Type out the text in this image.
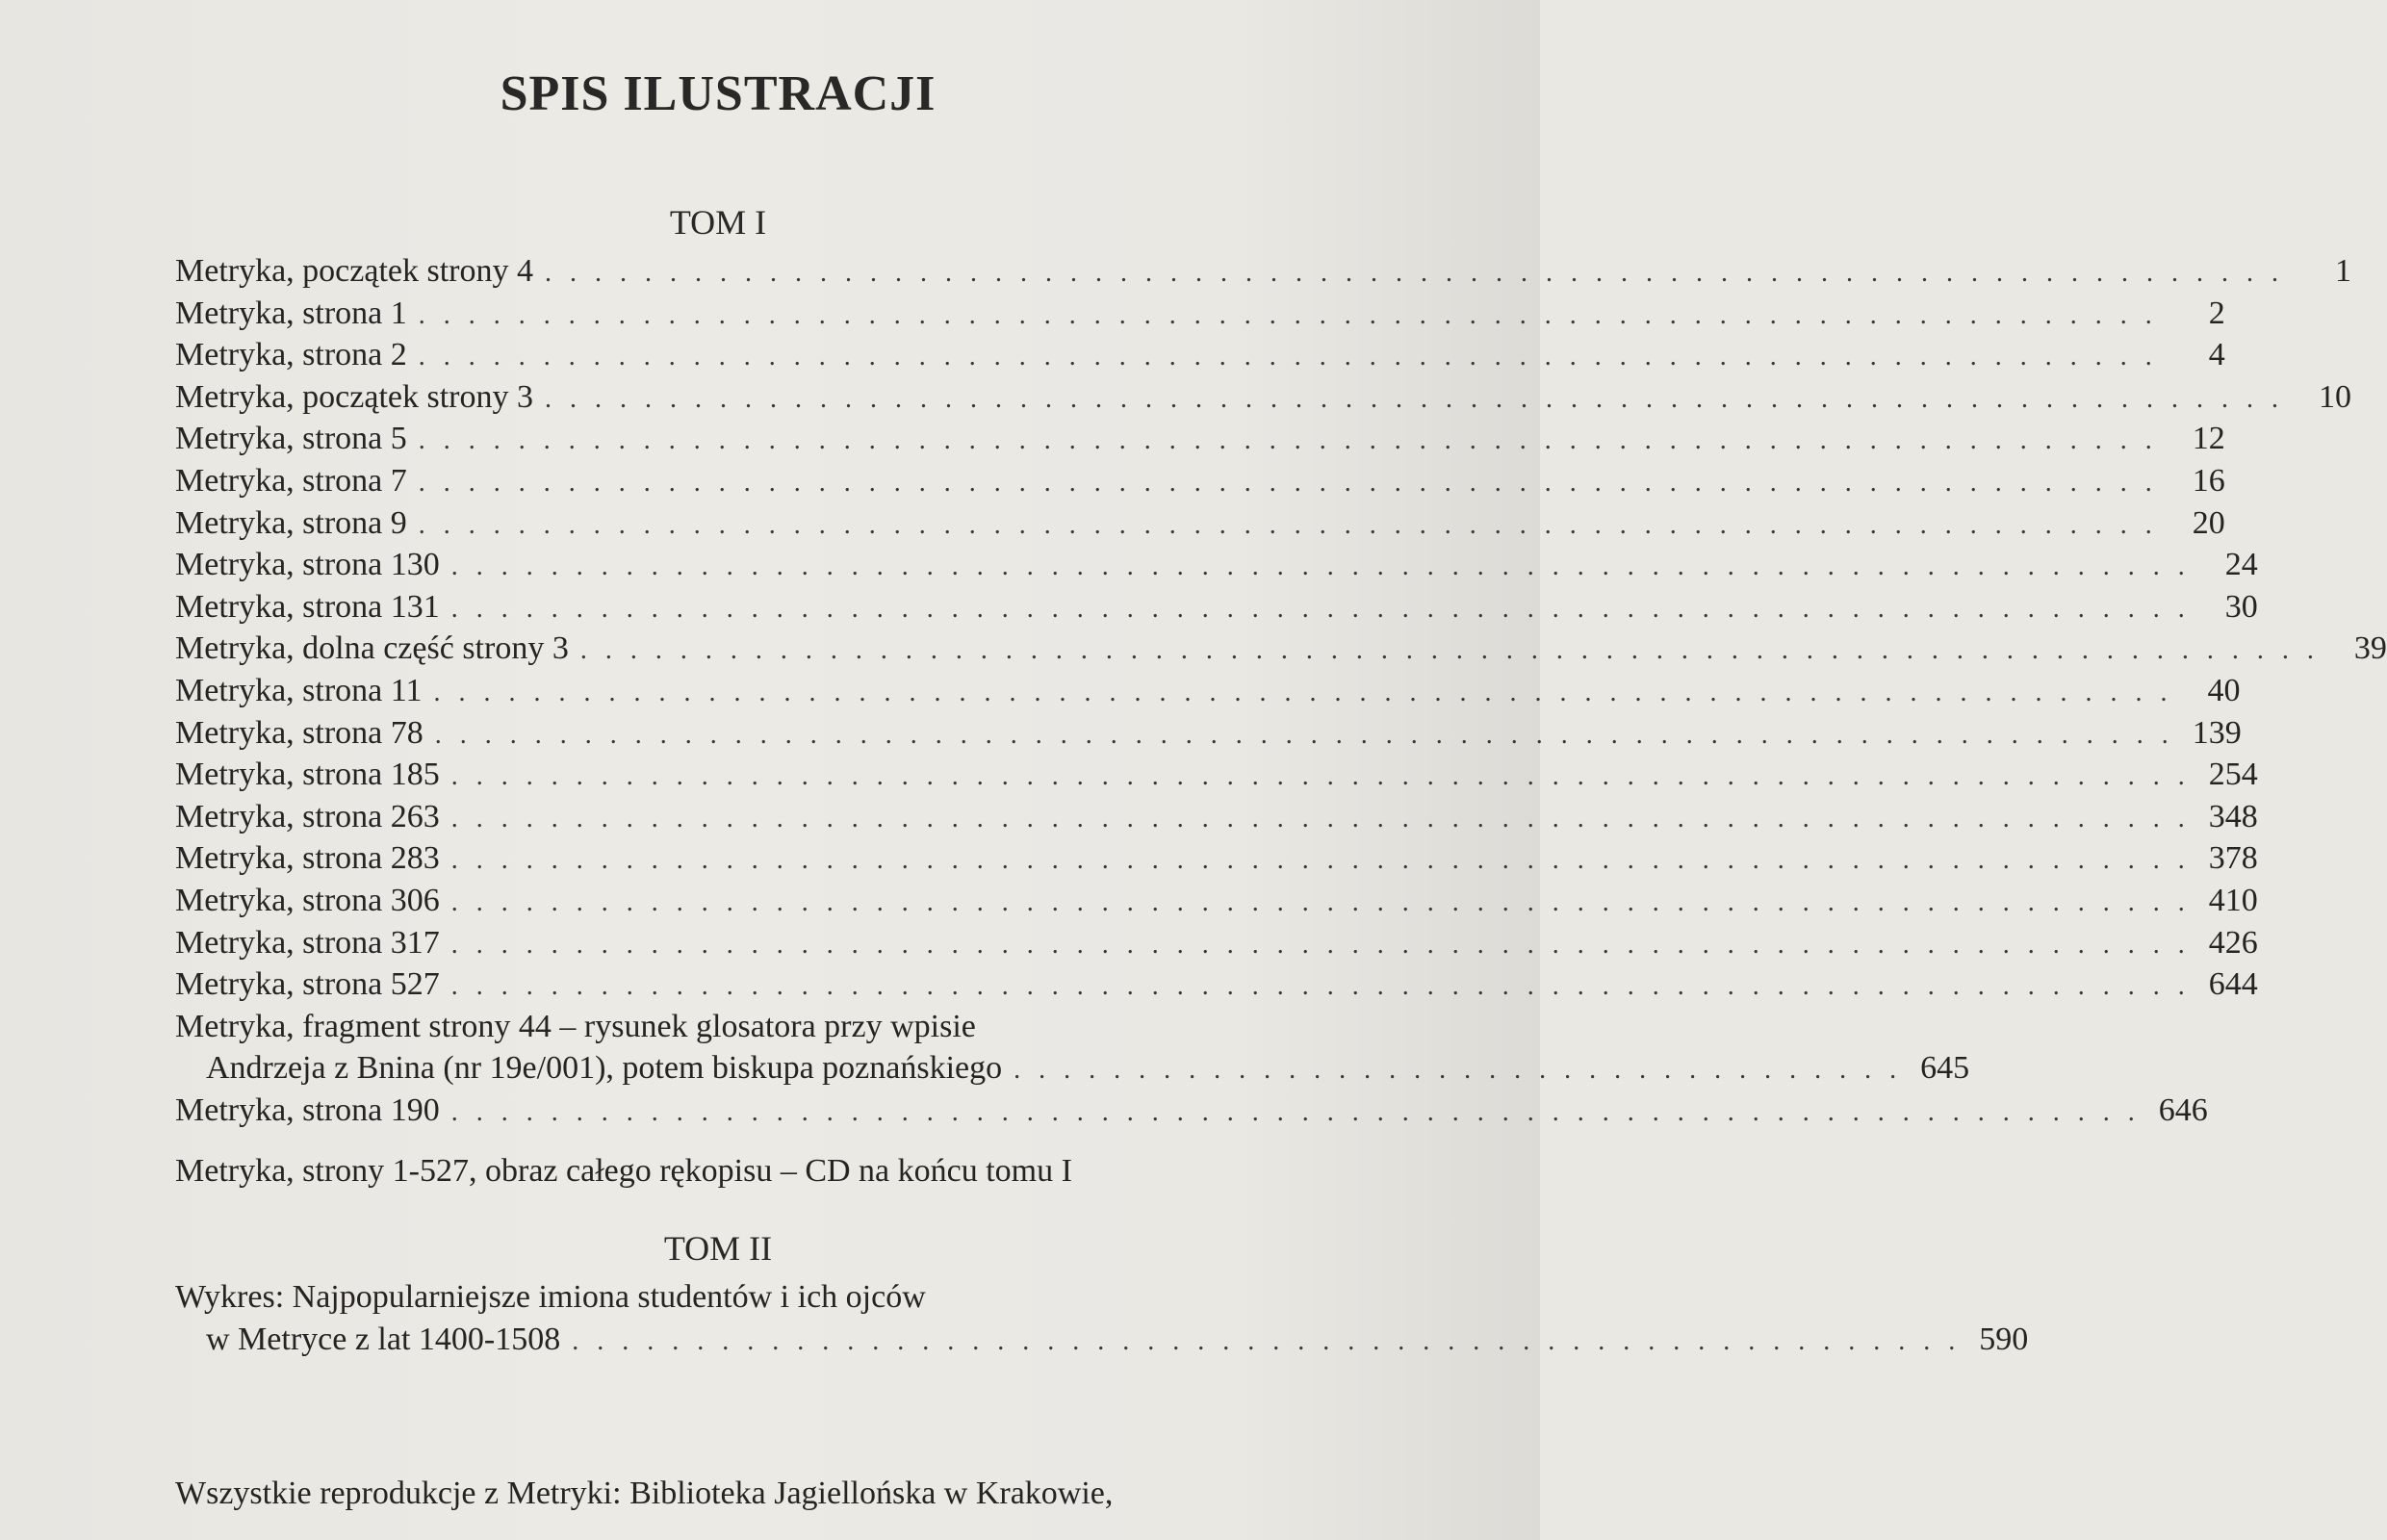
SPIS ILUSTRACJI
TOM I
Metryka, początek strony 4 . . . . . . . . . . . . . . . . . . . . . . . . . . . . . . . . . . . . . . . . . . . . . . . . . . . . . . . . . . . . . . . . . . . . . .	1
Metryka, strona 1 . . . . . . . . . . . . . . . . . . . . . . . . . . . . . . . . . . . . . . . . . . . . . . . . . . . . . . . . . . . . . . . . . . . . . .	2
Metryka, strona 2 . . . . . . . . . . . . . . . . . . . . . . . . . . . . . . . . . . . . . . . . . . . . . . . . . . . . . . . . . . . . . . . . . . . . . .	4
Metryka, początek strony 3 . . . . . . . . . . . . . . . . . . . . . . . . . . . . . . . . . . . . . . . . . . . . . . . . . . . . . . . . . . . . . . . . . . . . . .	10
Metryka, strona 5 . . . . . . . . . . . . . . . . . . . . . . . . . . . . . . . . . . . . . . . . . . . . . . . . . . . . . . . . . . . . . . . . . . . . . .	12
Metryka, strona 7 . . . . . . . . . . . . . . . . . . . . . . . . . . . . . . . . . . . . . . . . . . . . . . . . . . . . . . . . . . . . . . . . . . . . . .	16
Metryka, strona 9 . . . . . . . . . . . . . . . . . . . . . . . . . . . . . . . . . . . . . . . . . . . . . . . . . . . . . . . . . . . . . . . . . . . . . .	20
Metryka, strona 130 . . . . . . . . . . . . . . . . . . . . . . . . . . . . . . . . . . . . . . . . . . . . . . . . . . . . . . . . . . . . . . . . . . . . . .	24
Metryka, strona 131 . . . . . . . . . . . . . . . . . . . . . . . . . . . . . . . . . . . . . . . . . . . . . . . . . . . . . . . . . . . . . . . . . . . . . .	30
Metryka, dolna część strony 3 . . . . . . . . . . . . . . . . . . . . . . . . . . . . . . . . . . . . . . . . . . . . . . . . . . . . . . . . . . . . . . . . . . . . . .	39
Metryka, strona 11 . . . . . . . . . . . . . . . . . . . . . . . . . . . . . . . . . . . . . . . . . . . . . . . . . . . . . . . . . . . . . . . . . . . . . .	40
Metryka, strona 78 . . . . . . . . . . . . . . . . . . . . . . . . . . . . . . . . . . . . . . . . . . . . . . . . . . . . . . . . . . . . . . . . . . . . . . 139
Metryka, strona 185 . . . . . . . . . . . . . . . . . . . . . . . . . . . . . . . . . . . . . . . . . . . . . . . . . . . . . . . . . . . . . . . . . . . . . . 254
Metryka, strona 263 . . . . . . . . . . . . . . . . . . . . . . . . . . . . . . . . . . . . . . . . . . . . . . . . . . . . . . . . . . . . . . . . . . . . . . 348
Metryka, strona 283 . . . . . . . . . . . . . . . . . . . . . . . . . . . . . . . . . . . . . . . . . . . . . . . . . . . . . . . . . . . . . . . . . . . . . . 378
Metryka, strona 306 . . . . . . . . . . . . . . . . . . . . . . . . . . . . . . . . . . . . . . . . . . . . . . . . . . . . . . . . . . . . . . . . . . . . . . 410
Metryka, strona 317 . . . . . . . . . . . . . . . . . . . . . . . . . . . . . . . . . . . . . . . . . . . . . . . . . . . . . . . . . . . . . . . . . . . . . . 426
Metryka, strona 527 . . . . . . . . . . . . . . . . . . . . . . . . . . . . . . . . . . . . . . . . . . . . . . . . . . . . . . . . . . . . . . . . . . . . . . 644
Metryka, fragment strony 44 – rysunek glosatora przy wpisie
Andrzeja z Bnina (nr 19e/001), potem biskupa poznańskiego . . . . . . . . . . . . . . . . . . . . . . . . . . . . . . . . . . . . 645
Metryka, strona 190 . . . . . . . . . . . . . . . . . . . . . . . . . . . . . . . . . . . . . . . . . . . . . . . . . . . . . . . . . . . . . . . . . . . . 646
Metryka, strony 1-527, obraz całego rękopisu – CD na końcu tomu I
TOM II
Wykres: Najpopularniejsze imiona studentów i ich ojców
w Metryce z lat 1400-1508 . . . . . . . . . . . . . . . . . . . . . . . . . . . . . . . . . . . . . . . . . . . . . . . . . . . . . . . . 590
Wszystkie reprodukcje z Metryki: Biblioteka Jagiellońska w Krakowie,
